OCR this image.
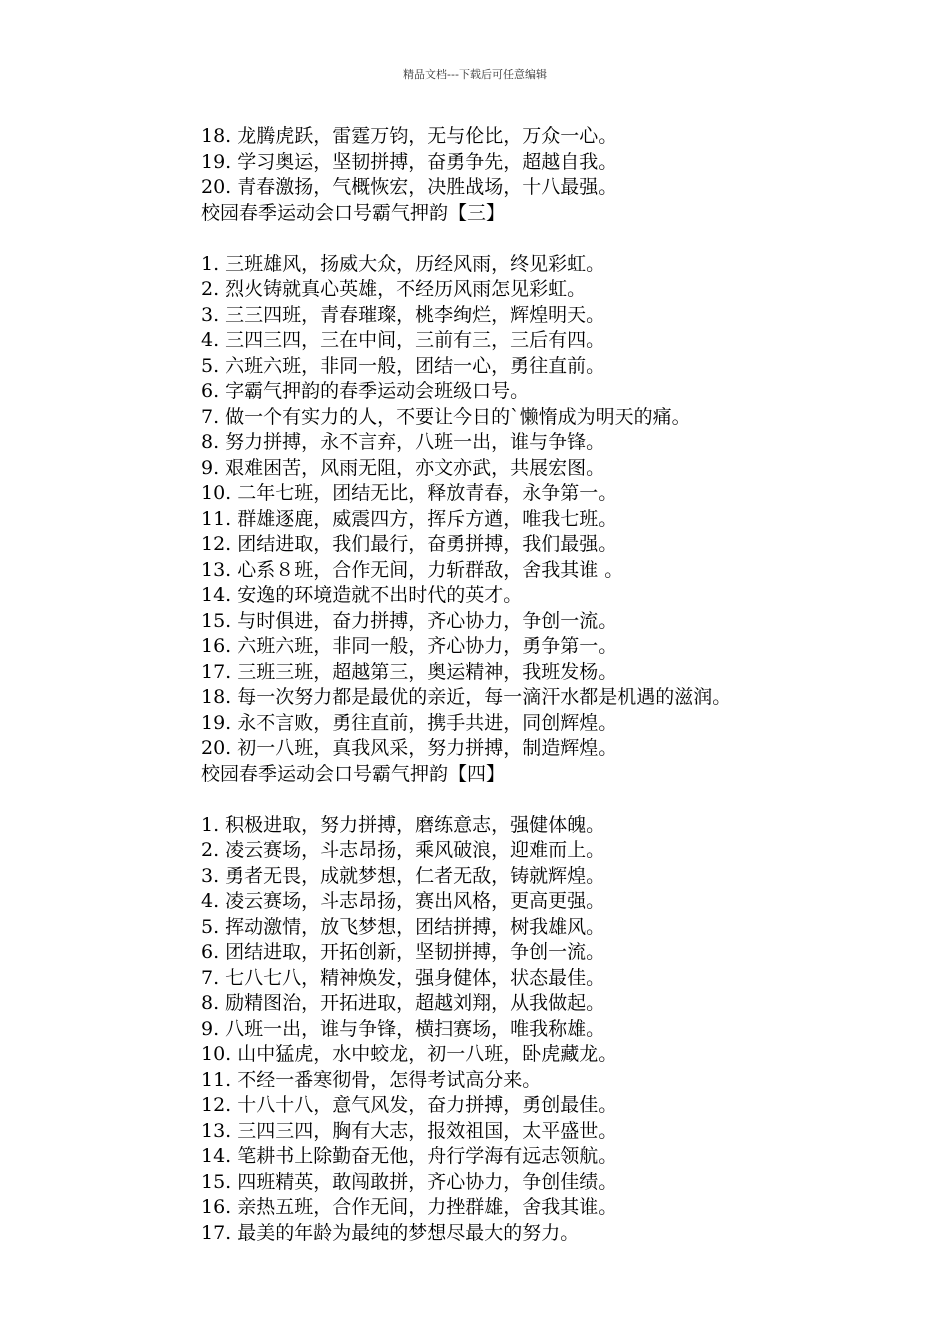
精品文档---下载后可任意编辑
18. 龙腾虎跃，雷霆万钧，无与伦比，万众一心。
19. 学习奥运，坚韧拼搏，奋勇争先，超越自我。
20. 青春激扬，气概恢宏，决胜战场，十八最强。
校园春季运动会口号霸气押韵【三】
1. 三班雄风，扬威大众，历经风雨，终见彩虹。
2. 烈火铸就真心英雄，不经历风雨怎见彩虹。
3. 三三四班，青春璀璨，桃李绚烂，辉煌明天。
4. 三四三四，三在中间，三前有三，三后有四。
5. 六班六班，非同一般，团结一心，勇往直前。
6. 字霸气押韵的春季运动会班级口号。
7. 做一个有实力的人，不要让今日的`懒惰成为明天的痛。
8. 努力拼搏，永不言弃，八班一出，谁与争锋。
9. 艰难困苦，风雨无阻，亦文亦武，共展宏图。
10. 二年七班，团结无比，释放青春，永争第一。
11. 群雄逐鹿，威震四方，挥斥方遒，唯我七班。
12. 团结进取，我们最行，奋勇拼搏，我们最强。
13. 心系８班，合作无间，力斩群敌，舍我其谁 。
14. 安逸的环境造就不出时代的英才。
15. 与时俱进，奋力拼搏，齐心协力，争创一流。
16. 六班六班，非同一般，齐心协力，勇争第一。
17. 三班三班，超越第三，奥运精神，我班发杨。
18. 每一次努力都是最优的亲近，每一滴汗水都是机遇的滋润。
19. 永不言败，勇往直前，携手共进，同创辉煌。
20. 初一八班，真我风采，努力拼搏，制造辉煌。
校园春季运动会口号霸气押韵【四】
1. 积极进取，努力拼搏，磨练意志，强健体魄。
2. 凌云赛场，斗志昂扬，乘风破浪，迎难而上。
3. 勇者无畏，成就梦想，仁者无敌，铸就辉煌。
4. 凌云赛场，斗志昂扬，赛出风格，更高更强。
5. 挥动激情，放飞梦想，团结拼搏，树我雄风。
6. 团结进取，开拓创新，坚韧拼搏，争创一流。
7. 七八七八，精神焕发，强身健体，状态最佳。
8. 励精图治，开拓进取，超越刘翔，从我做起。
9. 八班一出，谁与争锋，横扫赛场，唯我称雄。
10. 山中猛虎，水中蛟龙，初一八班，卧虎藏龙。
11. 不经一番寒彻骨，怎得考试高分来。
12. 十八十八，意气风发，奋力拼搏，勇创最佳。
13. 三四三四，胸有大志，报效祖国，太平盛世。
14. 笔耕书上除勤奋无他，舟行学海有远志领航。
15. 四班精英，敢闯敢拼，齐心协力，争创佳绩。
16. 亲热五班，合作无间，力挫群雄，舍我其谁。
17. 最美的年龄为最纯的梦想尽最大的努力。
